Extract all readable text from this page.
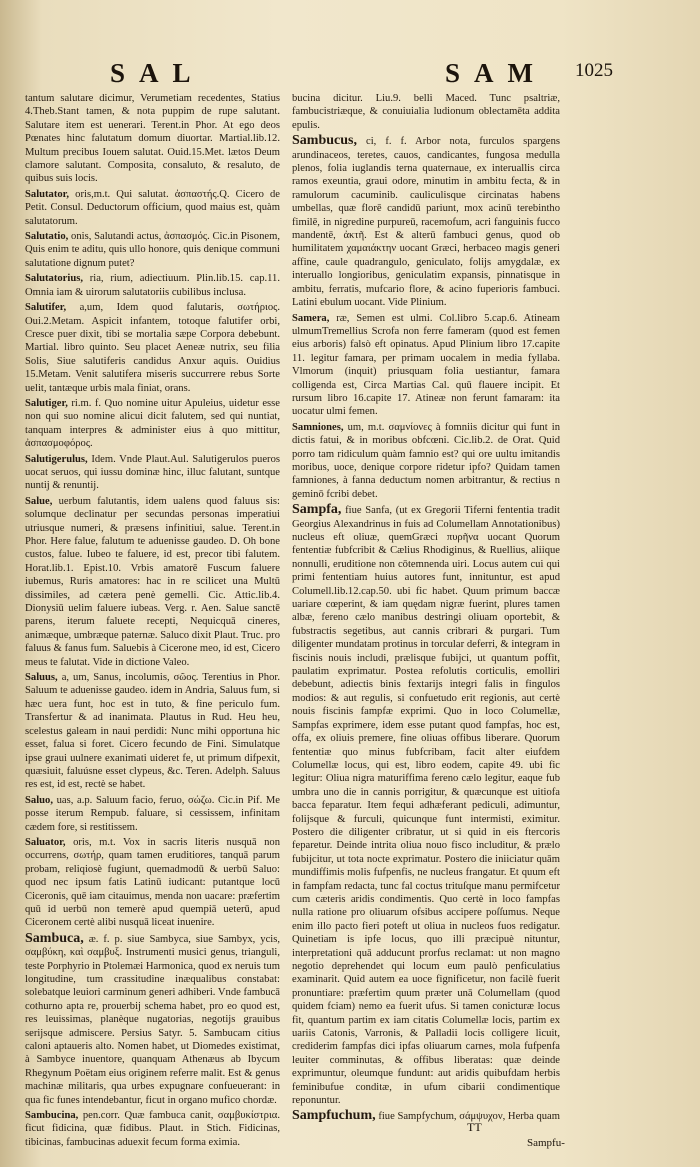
SAL	SAM 1025

tantum salutare dicimur, Verumetiam recedentes, Statius 4.Theb.Stant tamen, & nota puppim de rupe salutant. Salutare item est uenerari. Terent.in Phor. At ego deos Pœnates hinc falutatum domum diuortar. Martial.lib.12. Multum precibus Iouem salutat. Ouid.15.Met. lætos Deum clamore salutant. Composita, consaluto, & resaluto, de quibus suis locis.

Salutator, oris,m.t. Qui salutat. ἀσπαστής.Q. Cicero de Petit. Consul. Deductorum officium, quod maius est, quàm salutatorum.

Salutatio, onis, Salutandi actus, ἀσπασμός. Cic.in Pisonem, Quis enim te aditu, quis ullo honore, quis denique communi salutatione dignum putet?

Salutatorius, ria, rium, adiectiuum. Plin.lib.15. cap.11. Omnia iam & uirorum salutatoriis cubilibus inclusa.

Salutifer, a,um, Idem quod falutaris, σωτήριος. Oui.2.Metam. Aspicit infantem, totoque falutifer orbi, Cresce puer dixit, tibi se mortalia sæpe Corpora debebunt. Martial. libro quinto. Seu placet Aeneæ nutrix, seu filia Solis, Siue salutiferis candidus Anxur aquis. Ouidius 15.Metam. Venit salutifera miseris succurrere rebus Sorte uelit, tantæque urbis mala finiat, orans.

Salutiger, ri.m. f. Quo nomine uitur Apuleius, uidetur esse non qui suo nomine alicui dicit falutem, sed qui nuntiat, tanquam interpres & administer eius à quo mittitur, ἀσπασμοφόρος.

Salutigerulus, Idem. Vnde Plaut.Aul. Salutigerulos pueros uocat seruos, qui iussu dominæ hinc, illuc falutant, suntque nuntij & renuntij.

Salue, uerbum falutantis, idem ualens quod faluus sis: solumque declinatur per secundas personas imperatiui utriusque numeri, & præsens infinitiui, salue. Terent.in Phor. Here falue, falutum te aduenisse gaudeo. D. Oh bone custos, falue. Iubeo te faluere, id est, precor tibi falutem. Horat.lib.1. Epist.10. Vrbis amatorē Fuscum faluere iubemus, Ruris amatores: hac in re scilicet una Multū dissimiles, ad cætera penè gemelli. Cic. Attic.lib.4. Dionysiū uelim faluere iubeas. Verg. r. Aen. Salue sanctē parens, iterum faluete recepti, Nequicquā cineres, animæque, umbræque paternæ. Saluco dixit Plaut. Truc. pro faluus & fanus fum. Saluebis à Cicerone meo, id est, Cicero meus te falutat. Vide in dictione Valeo.

Saluus, a, um, Sanus, incolumis, σῶος. Terentius in Phor. Saluum te aduenisse gaudeo. idem in Andria, Saluus fum, si hæc uera funt, hoc est in tuto, & fine periculo fum. Transfertur & ad inanimata. Plautus in Rud. Heu heu, scelestus galeam in naui perdidi: Nunc mihi opportuna hic esset, falua si foret. Cicero fecundo de Fini. Simulatque ipse graui uulnere exanimati uideret fe, ut primum difpexit, quæsiuit, faluúsne esset clypeus, &c. Teren. Adelph. Saluus res est, id est, rectè se habet.

Saluo, uas, a.p. Saluum facio, feruo, σώζω. Cic.in Pif. Me posse iterum Rempub. faluare, si cessissem, infinitam cædem fore, si restitissem.

Saluator, oris, m.t. Vox in sacris literis nusquā non occurrens, σωτήρ, quam tamen eruditiores, tanquā parum probam, reliqiosè fugiunt, quemadmodū & uerbū Saluo: quod nec ipsum fatis Latinū iudicant: putantque locū Ciceronis, quē iam citauimus, menda non uacare: præfertim quū id uerbū non temerè apud quempiā ueterū, apud Ciceronem certè alibi nusquā liceat inuenire.

Sambuca, æ. f. p. siue Sambyca, siue Sambyx, ycis, σαμβύκη, καὶ σαμβυξ. Instrumenti musici genus, trianguli, teste Porphyrio in Ptolemæi Harmonica, quod ex neruis tum longitudine, tum crassitudine inæqualibus constabat: solebatque leuiori carminum generi adhiberi. Vnde fambucā cothurno apta re, prouerbij schema habet, pro eo quod est, res leuissimas, planèque nugatorias, negotijs grauibus serijsque admiscere. Persius Satyr. 5. Sambucam citius caloni aptaueris alto. Nomen habet, ut Diomedes existimat, à Sambyce inuentore, quanquam Athenæus ab Ibycum Rhegynum Poëtam eius originem referre malit. Est & genus machinæ militaris, qua urbes expugnare confueuerant: in qua fic funes intendebantur, ficut in organo mufico chordæ.

Sambucina, pen.corr. Quæ fambuca canit, σαμβυκίστρια. ficut fidicina, quæ fidibus. Plaut. in Stich. Fidicinas, tibicinas, fambucinas aduexit fecum forma eximia.

bucina dicitur. Liu.9. belli Maced. Tunc psaltriæ, fambucistriæque, & conuiuialia ludionum oblectamēta addita epulis.

Sambucus, ci, f. f. Arbor nota, furculos spargens arundinaceos, teretes, cauos, candicantes, fungosa medulla plenos, folia iuglandis terna quaternaue, ex interuallis circa ramos exeuntia, graui odore, minutim in ambitu fecta, & in ramulorum cacuminib. cauliculisque circinatas habens umbellas, quæ florē candidū pariunt, mox acinū terebintho fimilē, in nigredine purpureū, racemofum, acri fanguinis fucco mandentē, ἀκτῆ. Est & alterū fambuci genus, quod ob humilitatem χαμαιάκτην uocant Græci, herbaceo magis generi affine, caule quadrangulo, geniculato, folijs amygdalæ, ex interuallo longioribus, geniculatim expansis, pinnatisque in ambitu, ferratis, mufcario flore, & acino fuperioris fambuci. Latini ebulum uocant. Vide Plinium.

Samera, ræ, Semen est ulmi. Col.libro 5.cap.6. Atineam ulmumTremellius Scrofa non ferre fameram (quod est femen eius arboris) falsò eft opinatus. Apud Plinium libro 17.capite 11. legitur famara, per primam uocalem in media fyllaba. Vlmorum (inquit) priusquam folia uestiantur, famara colligenda est, Circa Martias Cal. quū flauere incipit. Et rursum libro 16.capite 17. Atineæ non ferunt famaram: ita uocatur ulmi femen.

Samniones, um, m.t. σαμνίονες à fomniis dicitur qui funt in dictis fatui, & in moribus obfcœni. Cic.lib.2. de Orat. Quid porro tam ridiculum quàm famnio est? qui ore uultu imitandis moribus, uoce, denique corpore ridetur ipfo? Quidam tamen famniones, à fanna deductum nomen arbitrantur, & rectius n geminō fcribi debet.

Sampfa, fiue Sanfa, (ut ex Gregorii Tiferni fententia tradit Georgius Alexandrinus in fuis ad Columellam Annotationibus) nucleus eft oliuæ, quemGræci πυρῆνα uocant Quorum fententiæ fubfcribit & Cælius Rhodiginus, & Ruellius, aliique nonnulli, eruditione non cōtemnenda uiri. Locus autem cui qui primi fententiam huius autores funt, innituntur, est apud Columell.lib.12.cap.50. ubi fic habet. Quum primum baccæ uariare cœperint, & iam quędam nigræ fuerint, plures tamen albæ, fereno cælo manibus destringi oliuam oportebit, & fubstractis segetibus, aut cannis cribrari & purgari. Tum diligenter mundatam protinus in torcular deferri, & integram in fiscinis nouis includi, prælisque fubijci, ut quantum poffit, paulatim exprimatur. Postea refolutis corticulis, emolliri debebunt, adiectis binis fextarijs integri falis in fingulos modios: & aut regulis, si confuetudo erit regionis, aut certè nouis fiscinis fampfæ exprimi. Quo in loco Columellæ, Sampfas exprimere, idem esse putant quod fampfas, hoc est, offa, ex oliuis premere, fine oliuas offibus liberare. Quorum fententiæ quo minus fubfcribam, facit alter eiufdem Columellæ locus, qui est, libro eodem, capite 49. ubi fic legitur: Oliua nigra maturiffima fereno cælo legitur, eaque fub umbra uno die in cannis porrigitur, & quæcunque est uitiofa bacca feparatur. Item fequi adhæferant pediculi, adimuntur, folijsque & furculi, quicunque funt intermisti, eximitur. Postero die diligenter cribratur, ut si quid in eis ftercoris feparetur. Deinde intrita oliua nouo fisco includitur, & prælo fubijcitur, ut tota nocte exprimatur. Postero die iniiciatur quām mundiffimis molis fufpenfis, ne nucleus frangatur. Et quum eft in fampfam redacta, tunc fal coctus trituſque manu permifcetur cum cæteris aridis condimentis. Quo certè in loco fampfas nulla ratione pro oliuarum ofsibus accipere poſſumus. Neque enim illo pacto fieri poteft ut oliua in nucleos fuos redigatur. Quinetiam is ipfe locus, quo illi præcipuè nituntur, interpretationi quā adducunt prorfus reclamat: ut non magno negotio deprehendet qui locum eum paulò penficulatius examinarit. Quid autem ea uoce fignificetur, non facilè fuerit pronuntiare: præfertim quum præter unā Columellam (quod quidem fciam) nemo ea fuerit ufus. Si tamen conicturæ locus fit, quantum partim ex iam citatis Columellæ locis, partim ex uariis Catonis, Varronis, & Palladii locis colligere licuit, crediderim fampfas dici ipfas oliuarum carnes, mola fufpenfa leuiter comminutas, & offibus liberatas: quæ deinde exprimuntur, oleumque fundunt: aut aridis quibufdam herbis feminibufue conditæ, in ufum cibarii condimentique reponuntur.

Sampfuchum, fiue Sampfychum, σάμψυχον, Herba quam

TT
Sampfu-
